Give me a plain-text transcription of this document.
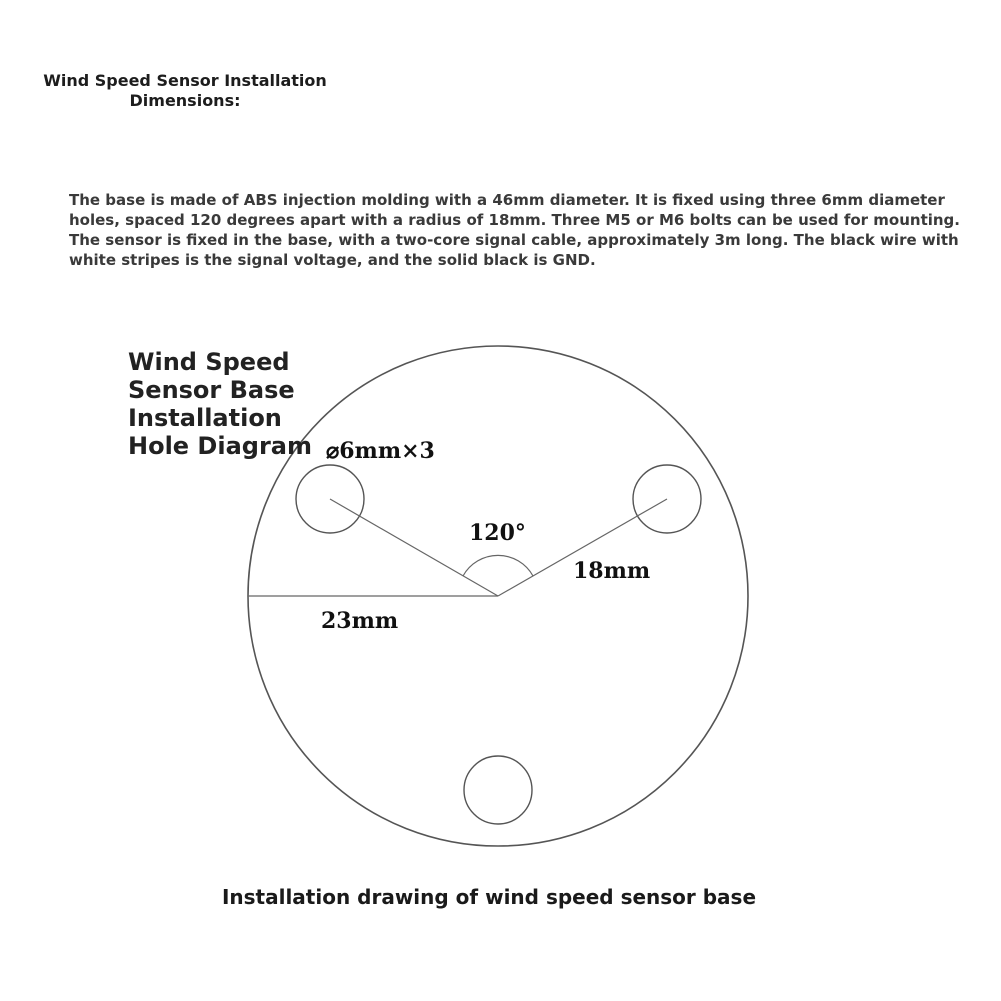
Wind Speed Sensor Installation Dimensions:
The base is made of ABS injection molding with a 46mm diameter. It is fixed using three 6mm diameter holes, spaced 120 degrees apart with a radius of 18mm. Three M5 or M6 bolts can be used for mounting. The sensor is fixed in the base, with a two-core signal cable, approximately 3m long. The black wire with white stripes is the signal voltage, and the solid black is GND.
⌀6mm×3
120°
18mm
23mm
Wind Speed Sensor Base Installation Hole Diagram
Installation drawing of wind speed sensor base
